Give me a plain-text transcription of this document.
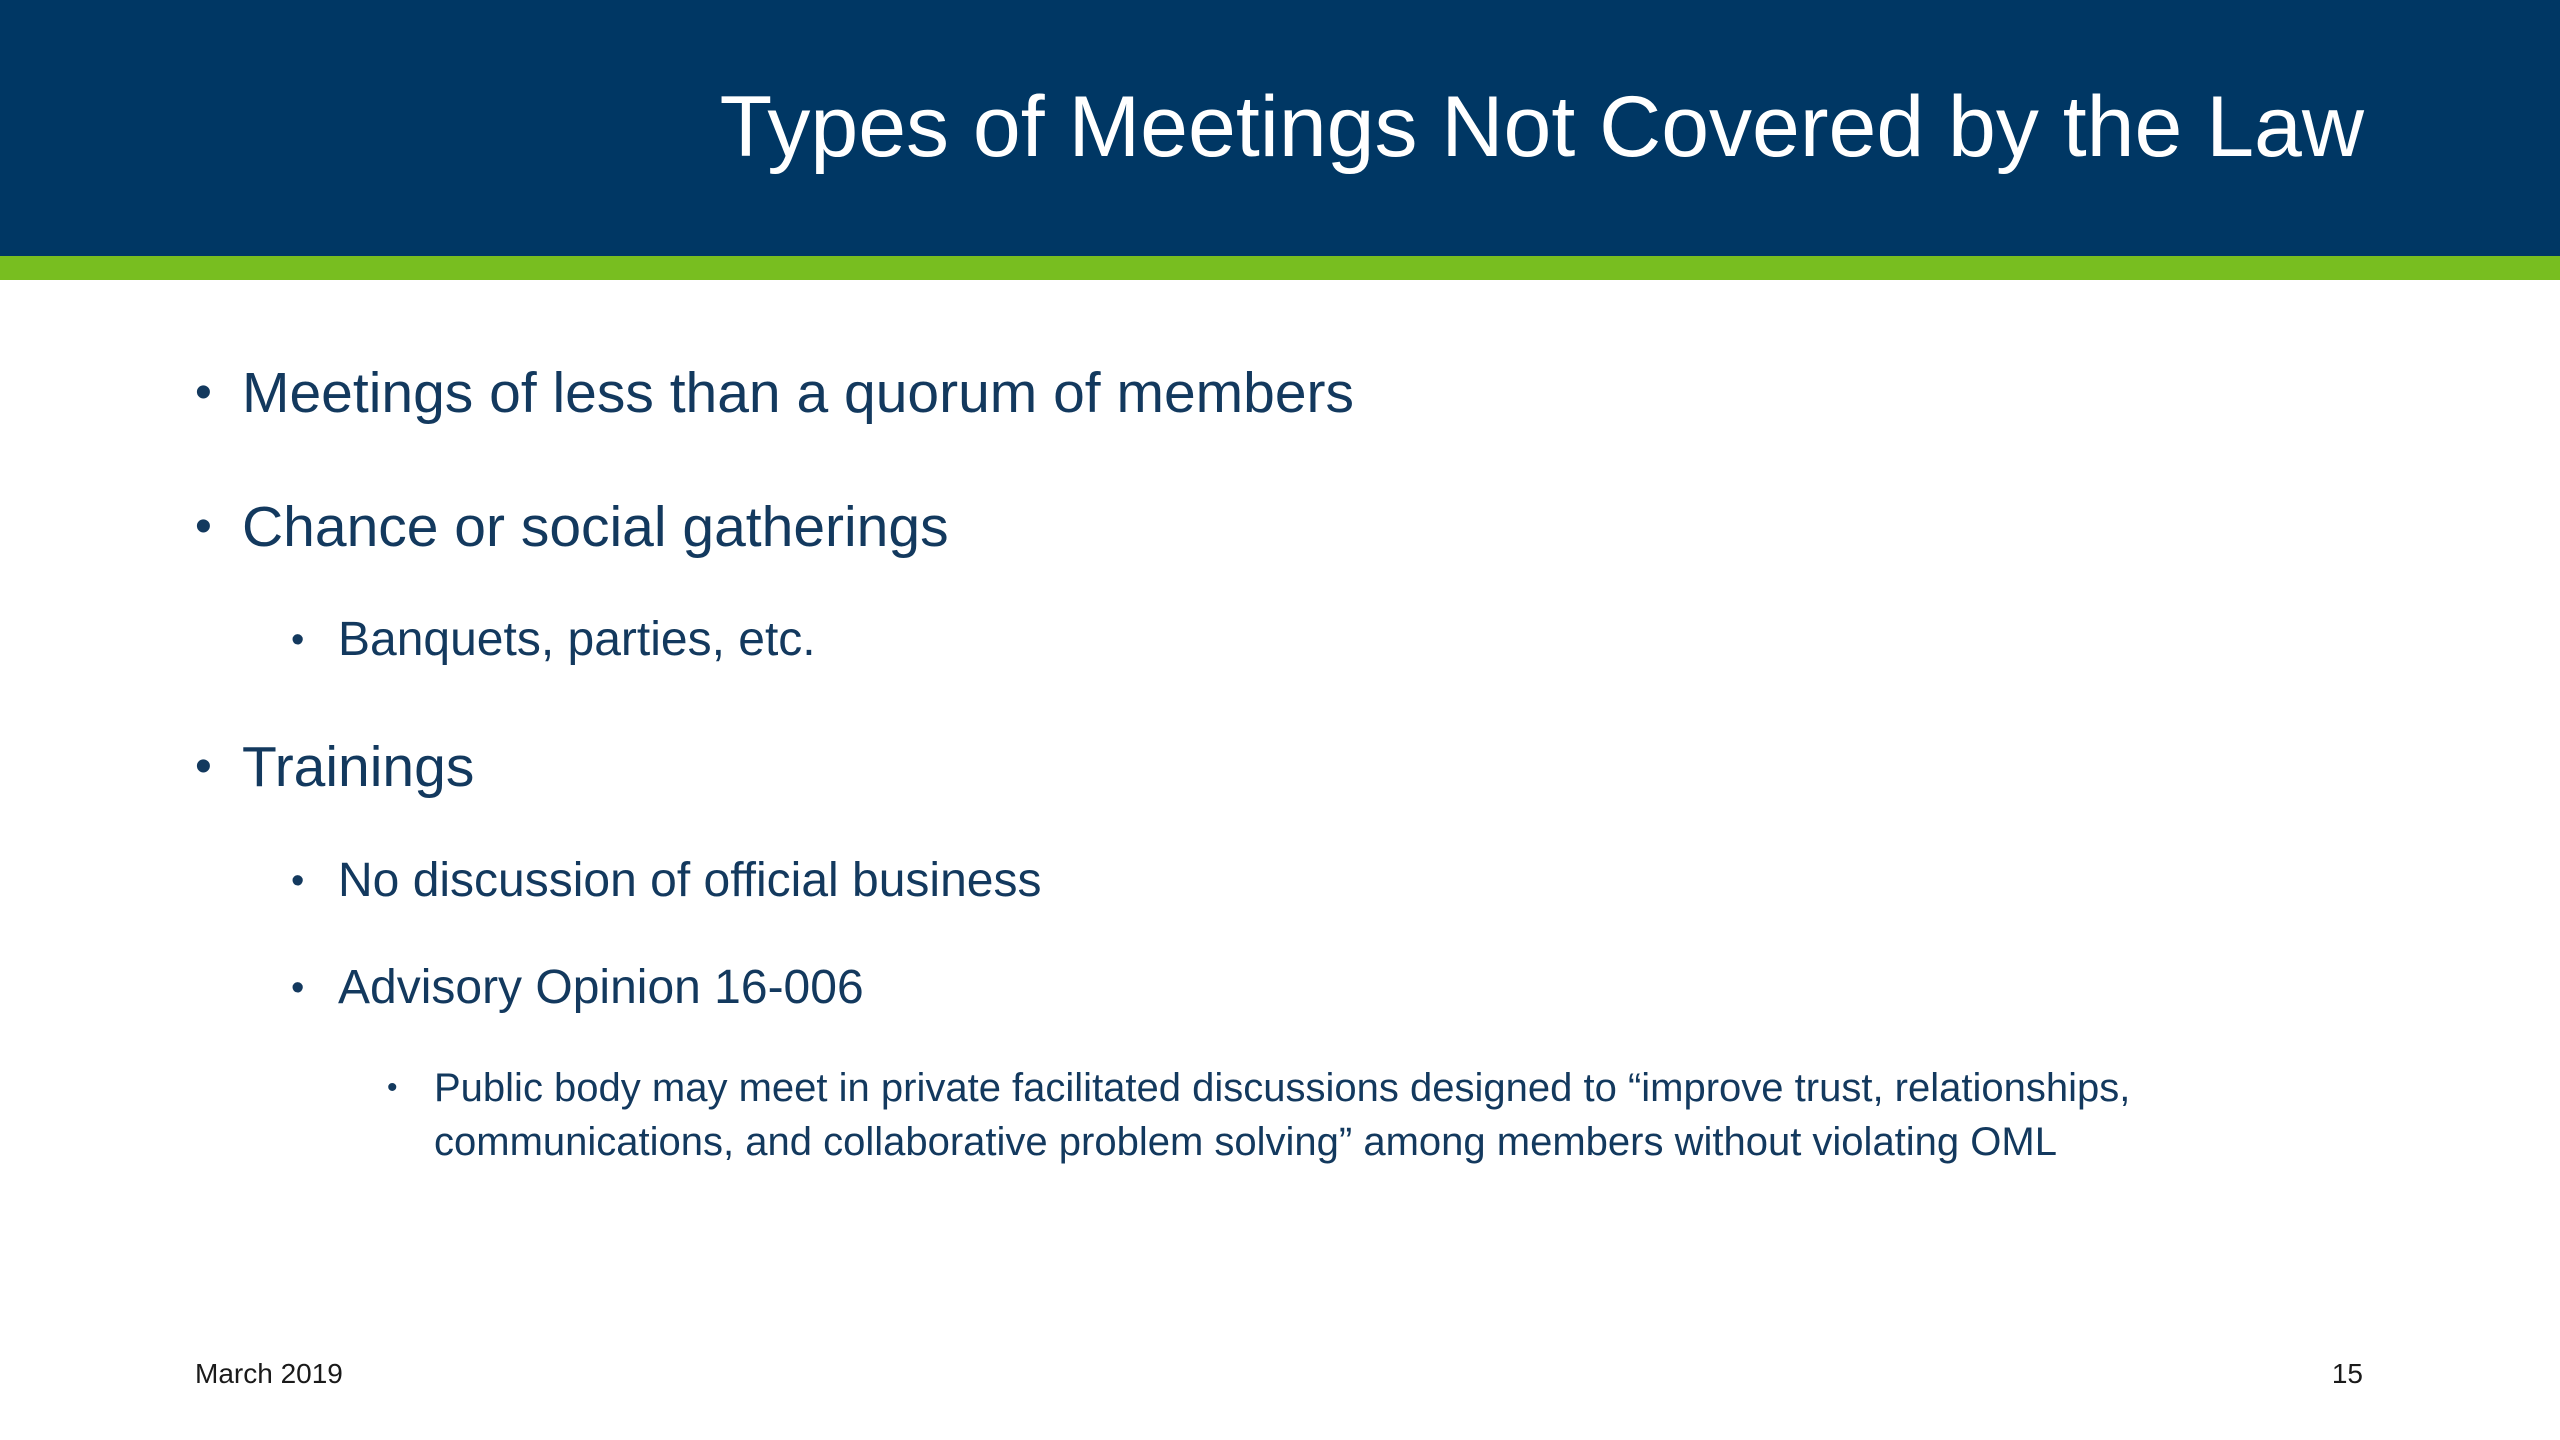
Types of Meetings Not Covered by the Law
• Meetings of less than a quorum of members
• Chance or social gatherings
• Banquets, parties, etc.
• Trainings
• No discussion of official business
• Advisory Opinion 16-006
• Public body may meet in private facilitated discussions designed to “improve trust, relationships,
communications, and collaborative problem solving” among members without violating OML
March 2019	15
